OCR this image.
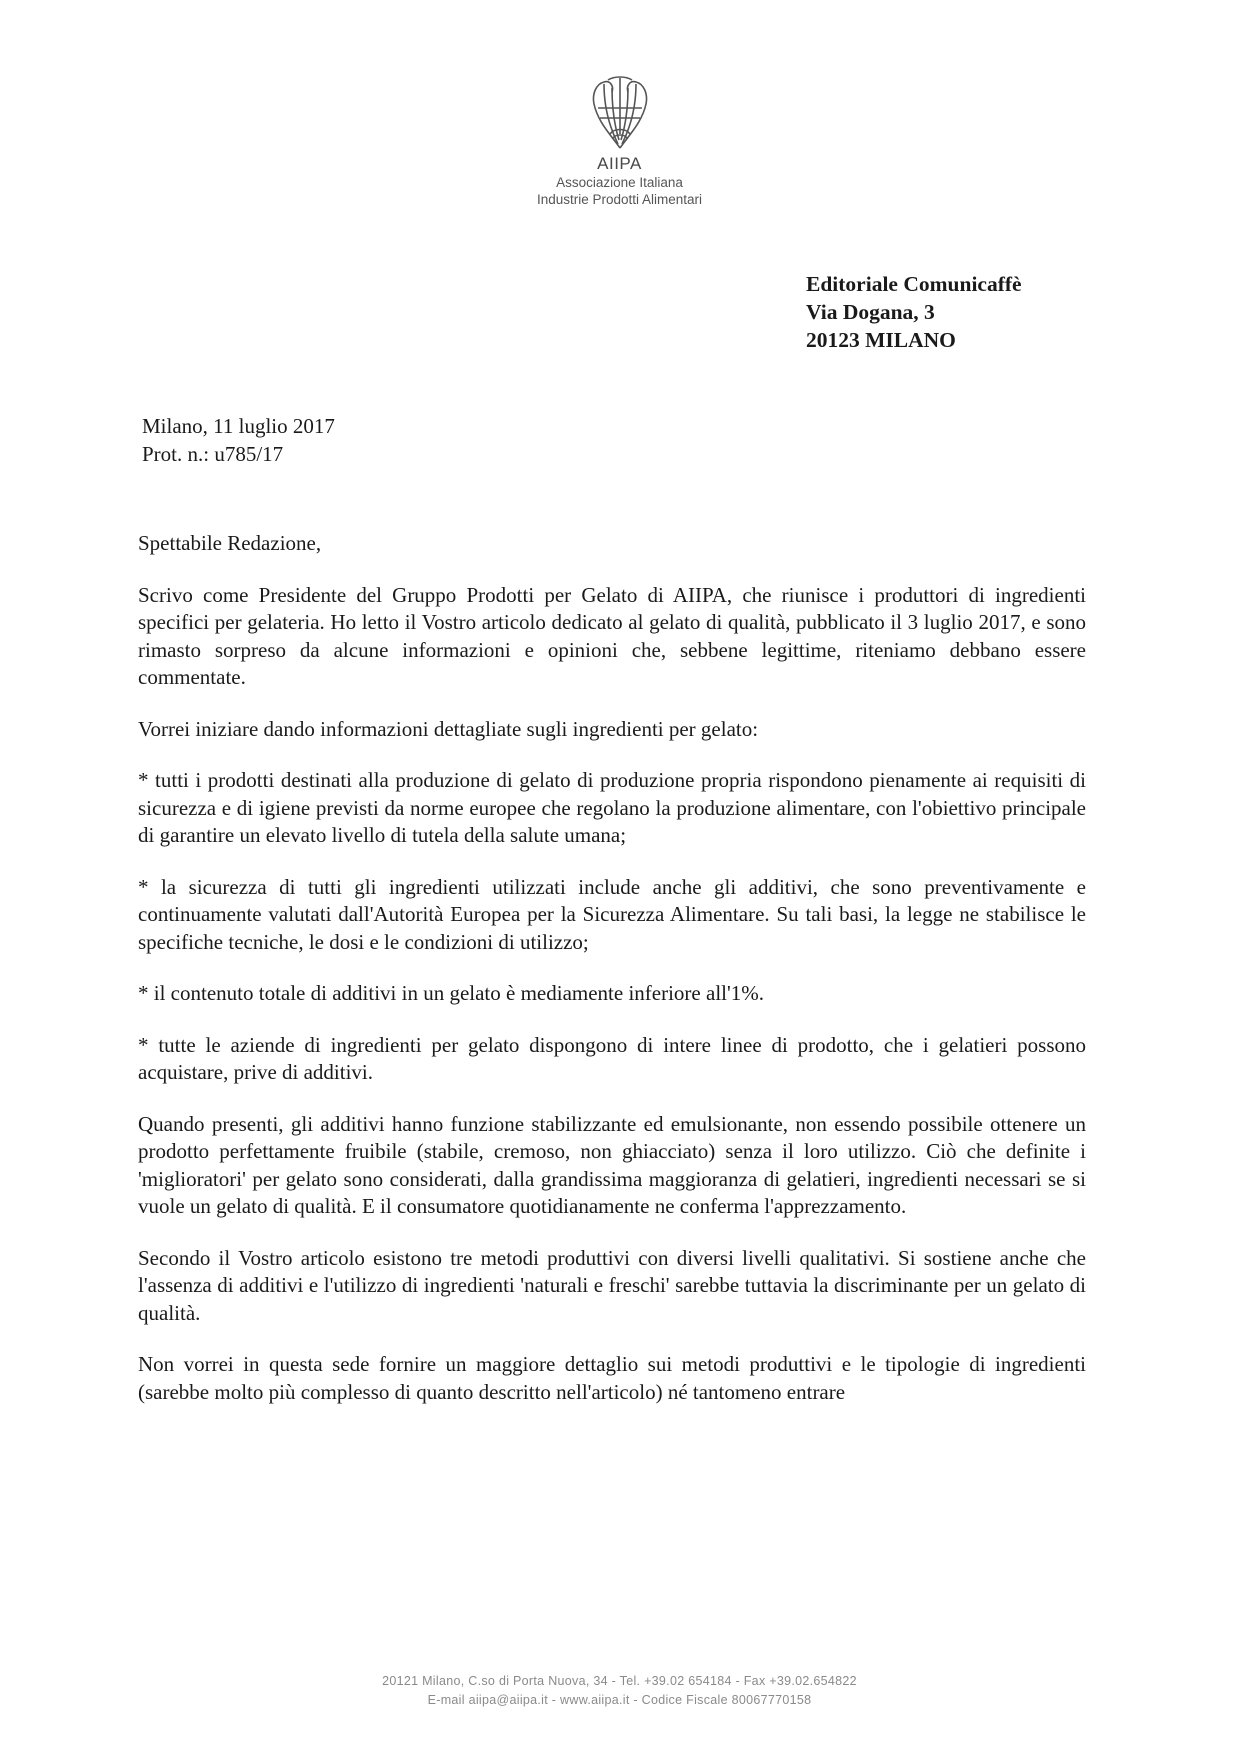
AIIPA
Associazione Italiana
Industrie Prodotti Alimentari
Editoriale Comunicaffè
Via Dogana, 3
20123 MILANO
Milano, 11 luglio 2017
Prot. n.: u785/17

Spettabile Redazione,

Scrivo come Presidente del Gruppo Prodotti per Gelato di AIIPA, che riunisce i produttori di ingredienti specifici per gelateria. Ho letto il Vostro articolo dedicato al gelato di qualità, pubblicato il 3 luglio 2017, e sono rimasto sorpreso da alcune informazioni e opinioni che, sebbene legittime, riteniamo debbano essere commentate.

Vorrei iniziare dando informazioni dettagliate sugli ingredienti per gelato:

* tutti i prodotti destinati alla produzione di gelato di produzione propria rispondono pienamente ai requisiti di sicurezza e di igiene previsti da norme europee che regolano la produzione alimentare, con l'obiettivo principale di garantire un elevato livello di tutela della salute umana;

* la sicurezza di tutti gli ingredienti utilizzati include anche gli additivi, che sono preventivamente e continuamente valutati dall'Autorità Europea per la Sicurezza Alimentare. Su tali basi, la legge ne stabilisce le specifiche tecniche, le dosi e le condizioni di utilizzo;

* il contenuto totale di additivi in un gelato è mediamente inferiore all'1%.

* tutte le aziende di ingredienti per gelato dispongono di intere linee di prodotto, che i gelatieri possono acquistare, prive di additivi.

Quando presenti, gli additivi hanno funzione stabilizzante ed emulsionante, non essendo possibile ottenere un prodotto perfettamente fruibile (stabile, cremoso, non ghiacciato) senza il loro utilizzo. Ciò che definite i 'miglioratori' per gelato sono considerati, dalla grandissima maggioranza di gelatieri, ingredienti necessari se si vuole un gelato di qualità. E il consumatore quotidianamente ne conferma l'apprezzamento.

Secondo il Vostro articolo esistono tre metodi produttivi con diversi livelli qualitativi. Si sostiene anche che l'assenza di additivi e l'utilizzo di ingredienti 'naturali e freschi' sarebbe tuttavia la discriminante per un gelato di qualità.

Non vorrei in questa sede fornire un maggiore dettaglio sui metodi produttivi e le tipologie di ingredienti (sarebbe molto più complesso di quanto descritto nell'articolo) né tantomeno entrare

20121 Milano, C.so di Porta Nuova, 34 - Tel. +39.02 654184 - Fax +39.02.654822
E-mail aiipa@aiipa.it - www.aiipa.it - Codice Fiscale 80067770158
